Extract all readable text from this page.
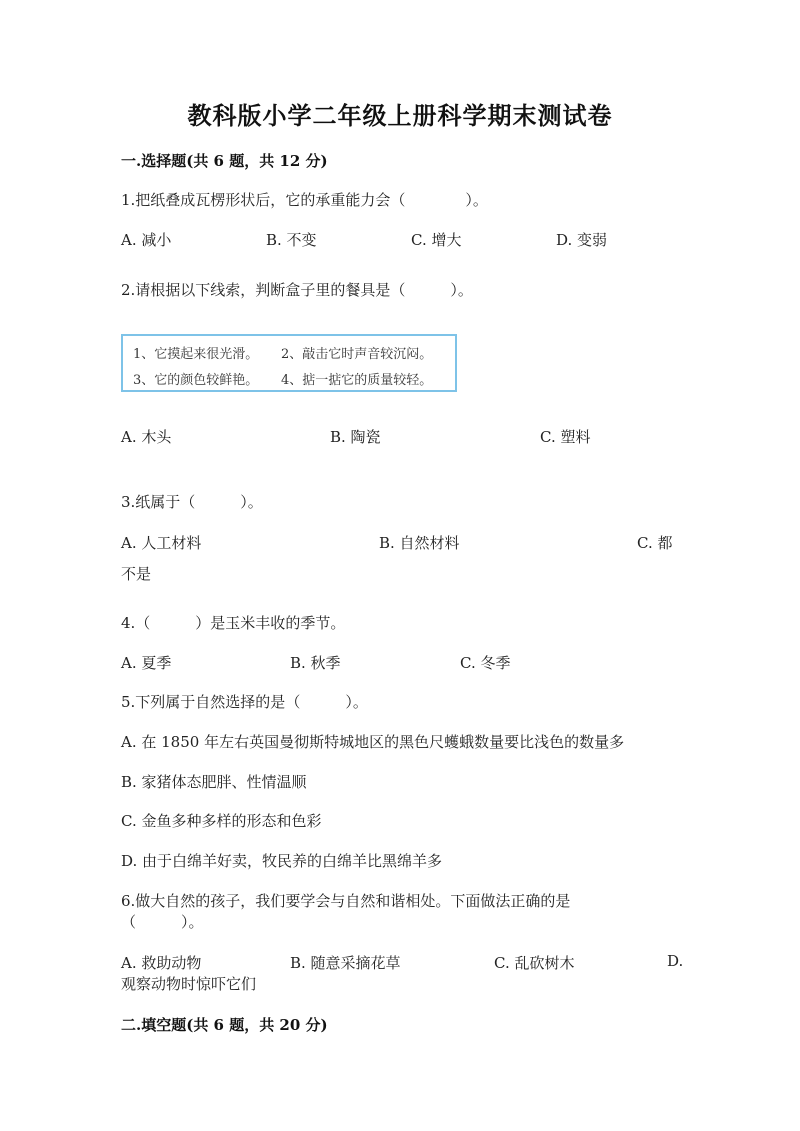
教科版小学二年级上册科学期末测试卷
一.选择题(共 6 题，共 12 分)
1.把纸叠成瓦楞形状后，它的承重能力会（　　　　）。
A. 减小	B. 不变	C. 增大	D. 变弱
2.请根据以下线索，判断盒子里的餐具是（　　　）。
1、它摸起来很光滑。 2、敲击它时声音较沉闷。
3、它的颜色较鲜艳。 4、掂一掂它的质量较轻。
A. 木头	B. 陶瓷	C. 塑料
3.纸属于（　　　）。
A. 人工材料	B. 自然材料	C. 都
不是
4.（　　　）是玉米丰收的季节。
A. 夏季	B. 秋季	C. 冬季
5.下列属于自然选择的是（　　　）。
A. 在 1850 年左右英国曼彻斯特城地区的黑色尺蠖蛾数量要比浅色的数量多
B. 家猪体态肥胖、性情温顺
C. 金鱼多种多样的形态和色彩
D. 由于白绵羊好卖，牧民养的白绵羊比黑绵羊多
6.做大自然的孩子，我们要学会与自然和谐相处。下面做法正确的是
（　　　）。
A. 救助动物	B. 随意采摘花草	C. 乱砍树木	D.
观察动物时惊吓它们
二.填空题(共 6 题，共 20 分)
